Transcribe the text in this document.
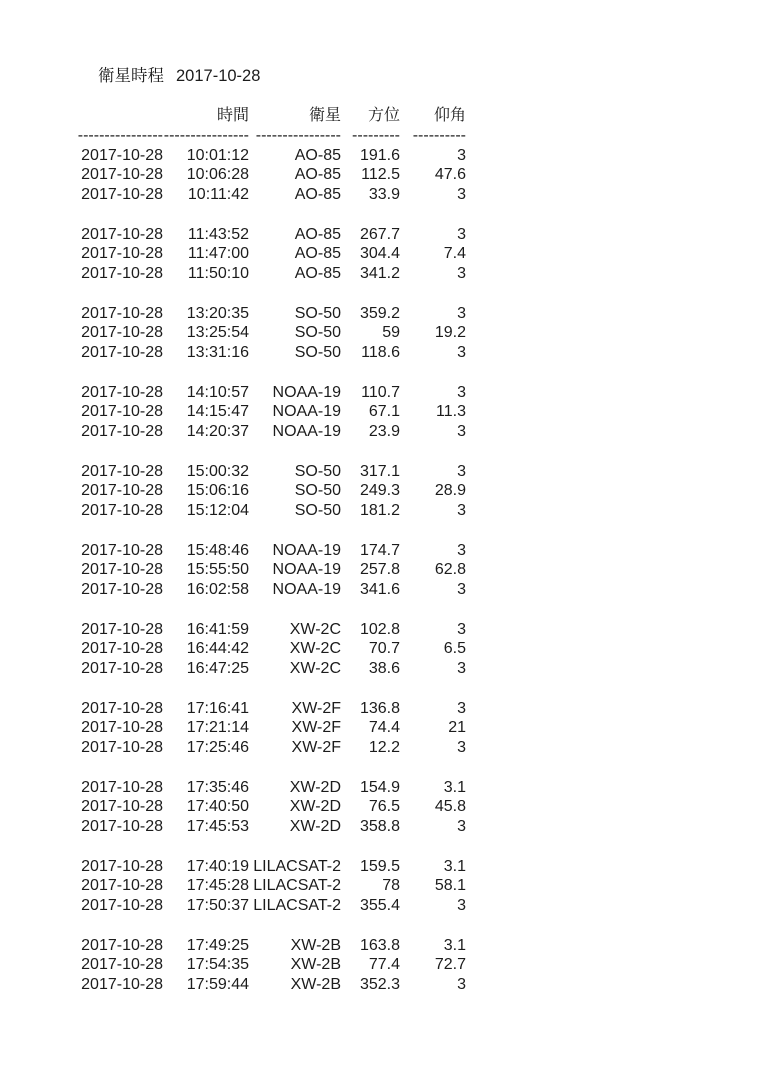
衛星時程 2017-10-28
	時間	衛星	方位	仰角
----------------	----------------	----------------	---------	----------
2017-10-28	10:01:12	AO-85	191.6	3
2017-10-28	10:06:28	AO-85	112.5	47.6
2017-10-28	10:11:42	AO-85	33.9	3

2017-10-28	11:43:52	AO-85	267.7	3
2017-10-28	11:47:00	AO-85	304.4	7.4
2017-10-28	11:50:10	AO-85	341.2	3

2017-10-28	13:20:35	SO-50	359.2	3
2017-10-28	13:25:54	SO-50	59	19.2
2017-10-28	13:31:16	SO-50	118.6	3

2017-10-28	14:10:57	NOAA-19	110.7	3
2017-10-28	14:15:47	NOAA-19	67.1	11.3
2017-10-28	14:20:37	NOAA-19	23.9	3

2017-10-28	15:00:32	SO-50	317.1	3
2017-10-28	15:06:16	SO-50	249.3	28.9
2017-10-28	15:12:04	SO-50	181.2	3

2017-10-28	15:48:46	NOAA-19	174.7	3
2017-10-28	15:55:50	NOAA-19	257.8	62.8
2017-10-28	16:02:58	NOAA-19	341.6	3

2017-10-28	16:41:59	XW-2C	102.8	3
2017-10-28	16:44:42	XW-2C	70.7	6.5
2017-10-28	16:47:25	XW-2C	38.6	3

2017-10-28	17:16:41	XW-2F	136.8	3
2017-10-28	17:21:14	XW-2F	74.4	21
2017-10-28	17:25:46	XW-2F	12.2	3

2017-10-28	17:35:46	XW-2D	154.9	3.1
2017-10-28	17:40:50	XW-2D	76.5	45.8
2017-10-28	17:45:53	XW-2D	358.8	3

2017-10-28	17:40:19	LILACSAT-2	159.5	3.1
2017-10-28	17:45:28	LILACSAT-2	78	58.1
2017-10-28	17:50:37	LILACSAT-2	355.4	3

2017-10-28	17:49:25	XW-2B	163.8	3.1
2017-10-28	17:54:35	XW-2B	77.4	72.7
2017-10-28	17:59:44	XW-2B	352.3	3
